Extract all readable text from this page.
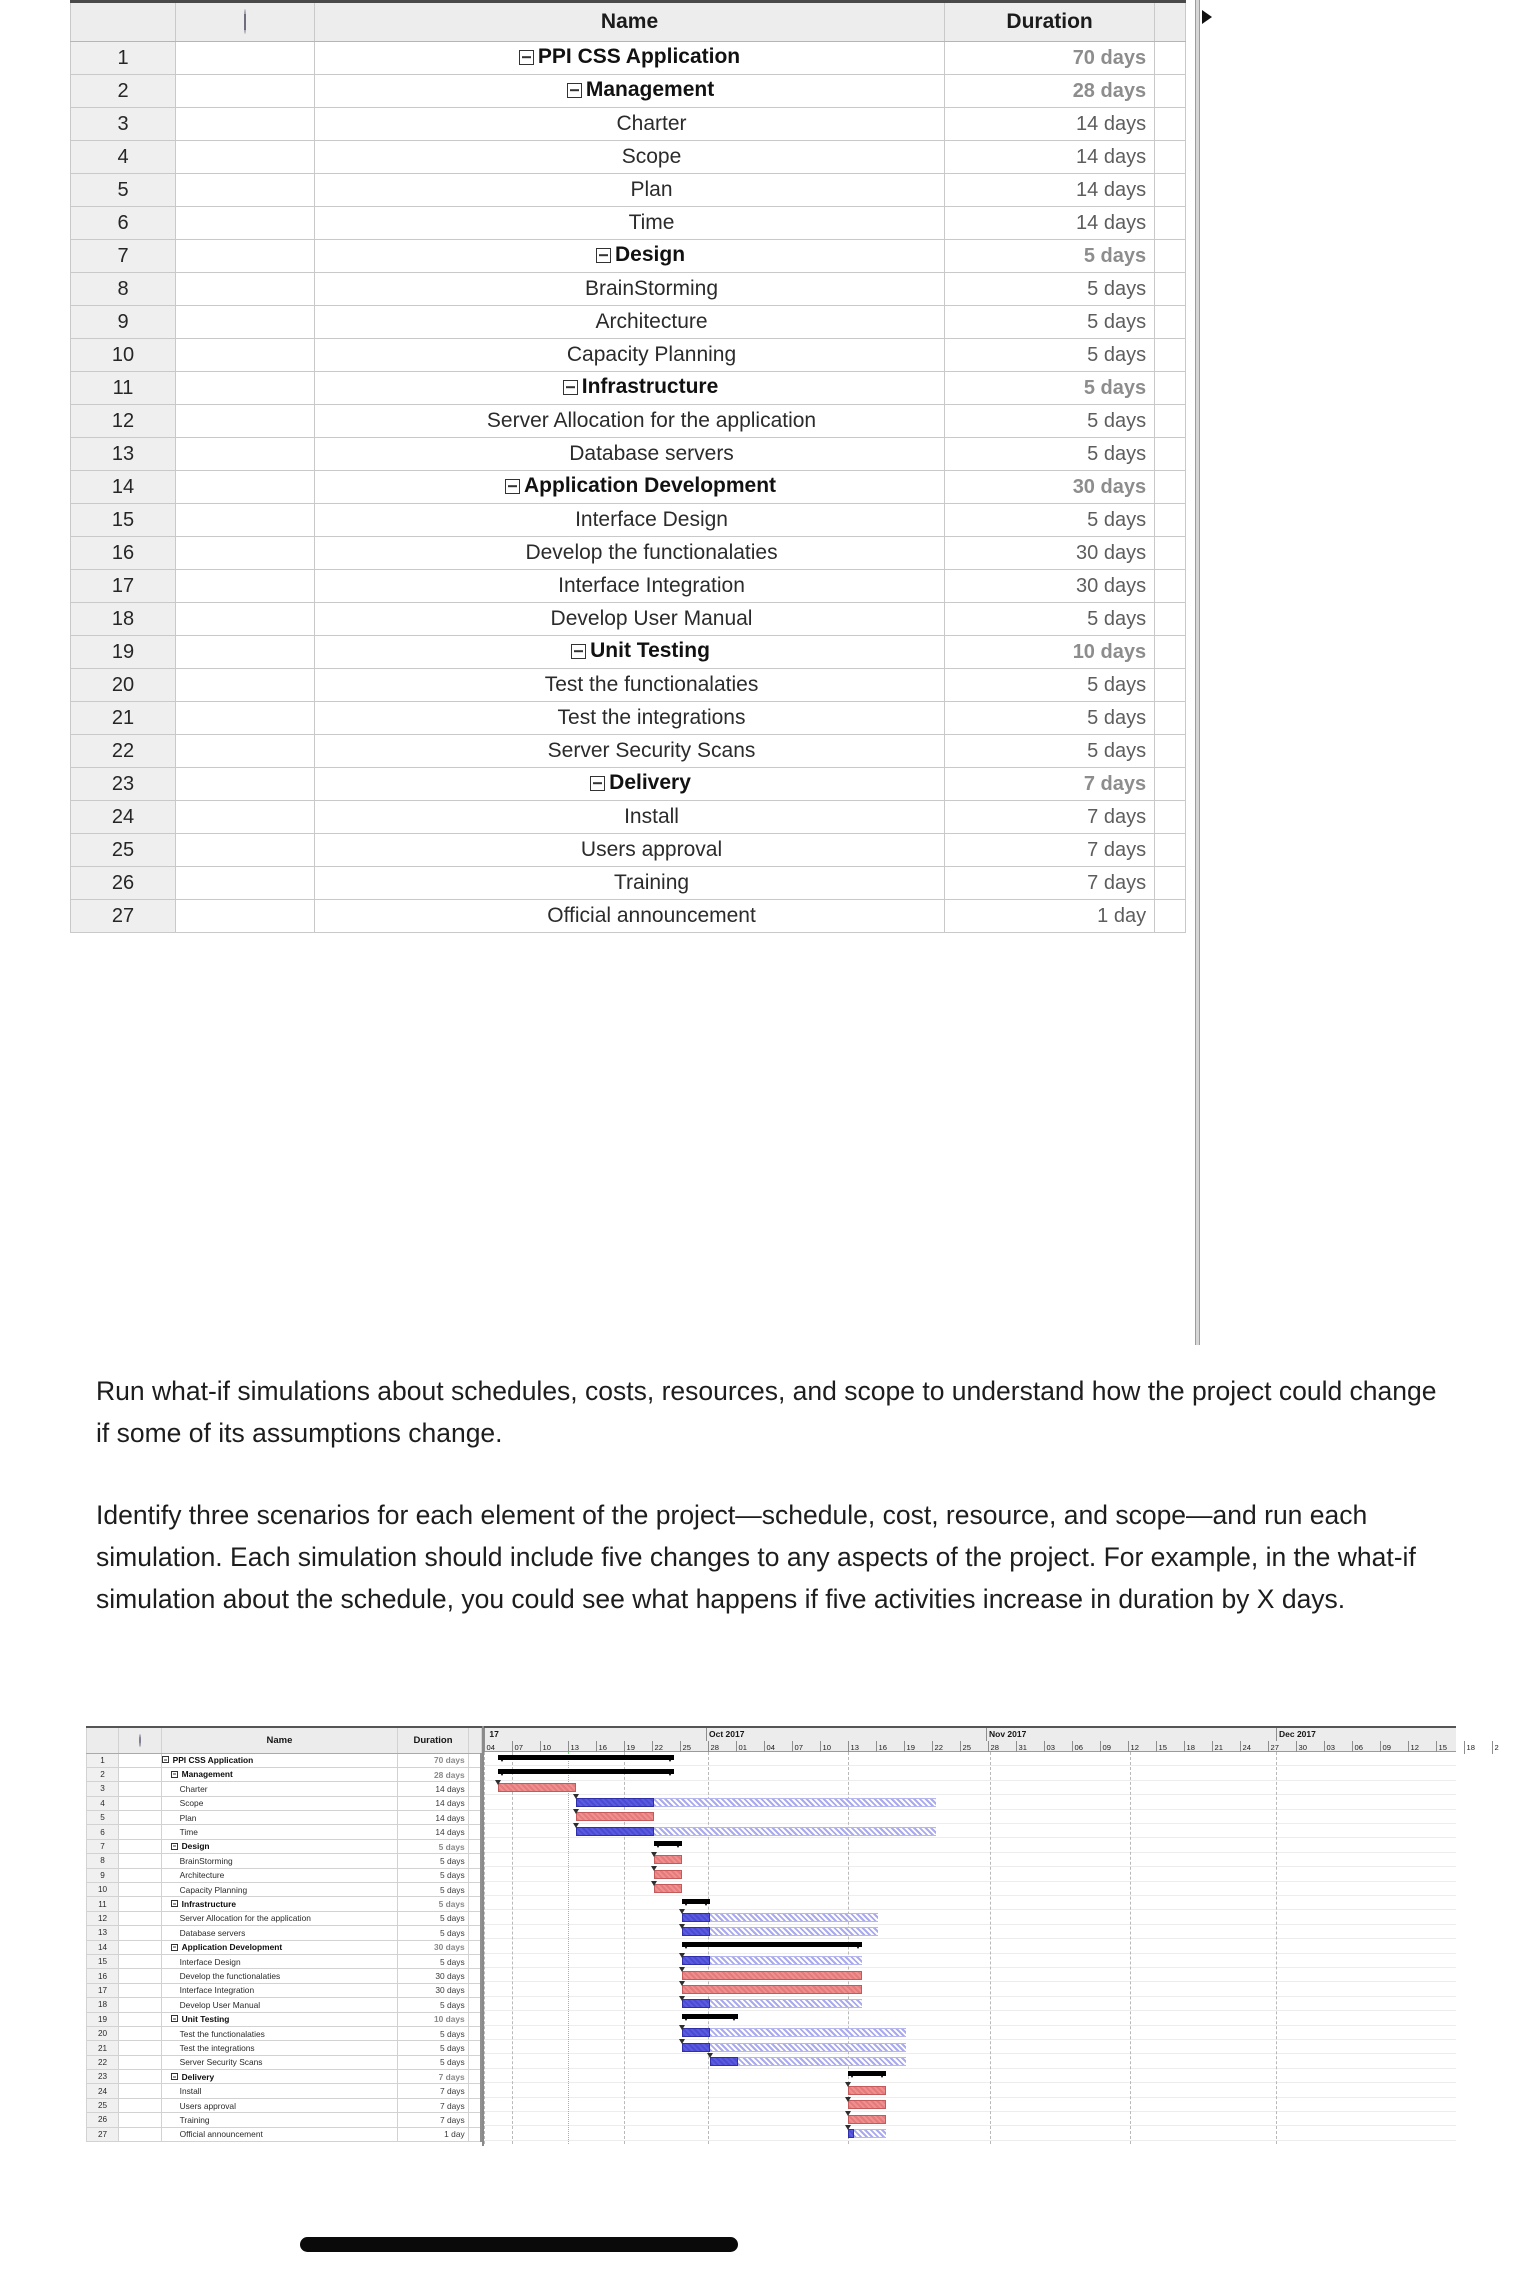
		Name	Duration	
1		PPI CSS Application	70 days	
2		Management	28 days	
3		Charter	14 days	
4		Scope	14 days	
5		Plan	14 days	
6		Time	14 days	
7		Design	5 days	
8		BrainStorming	5 days	
9		Architecture	5 days	
10		Capacity Planning	5 days	
11		Infrastructure	5 days	
12		Server Allocation for the application	5 days	
13		Database servers	5 days	
14		Application Development	30 days	
15		Interface Design	5 days	
16		Develop the functionalaties	30 days	
17		Interface Integration	30 days	
18		Develop User Manual	5 days	
19		Unit Testing	10 days	
20		Test the functionalaties	5 days	
21		Test the integrations	5 days	
22		Server Security Scans	5 days	
23		Delivery	7 days	
24		Install	7 days	
25		Users approval	7 days	
26		Training	7 days	
27		Official announcement	1 day	

Run what-if simulations about schedules, costs, resources, and scope to understand how the project could change if some of its assumptions change.

Identify three scenarios for each element of the project—schedule, cost, resource, and scope—and run each simulation. Each simulation should include five changes to any aspects of the project. For example, in the what-if simulation about the schedule, you could see what happens if five activities increase in duration by X days.

		Name	Duration	
1		PPI CSS Application	70 days	
2		Management	28 days	
3		Charter	14 days	
4		Scope	14 days	
5		Plan	14 days	
6		Time	14 days	
7		Design	5 days	
8		BrainStorming	5 days	
9		Architecture	5 days	
10		Capacity Planning	5 days	
11		Infrastructure	5 days	
12		Server Allocation for the application	5 days	
13		Database servers	5 days	
14		Application Development	30 days	
15		Interface Design	5 days	
16		Develop the functionalaties	30 days	
17		Interface Integration	30 days	
18		Develop User Manual	5 days	
19		Unit Testing	10 days	
20		Test the functionalaties	5 days	
21		Test the integrations	5 days	
22		Server Security Scans	5 days	
23		Delivery	7 days	
24		Install	7 days	
25		Users approval	7 days	
26		Training	7 days	
27		Official announcement	1 day	
17	Oct 2017	Nov 2017	Dec 2017
04	07	10	13	16	19	22	25	28	01	04	07	10	13	16	19	22	25	28	31	03	06	09	12	15	18	21	24	27	30	03	06	09	12	15	18	2
